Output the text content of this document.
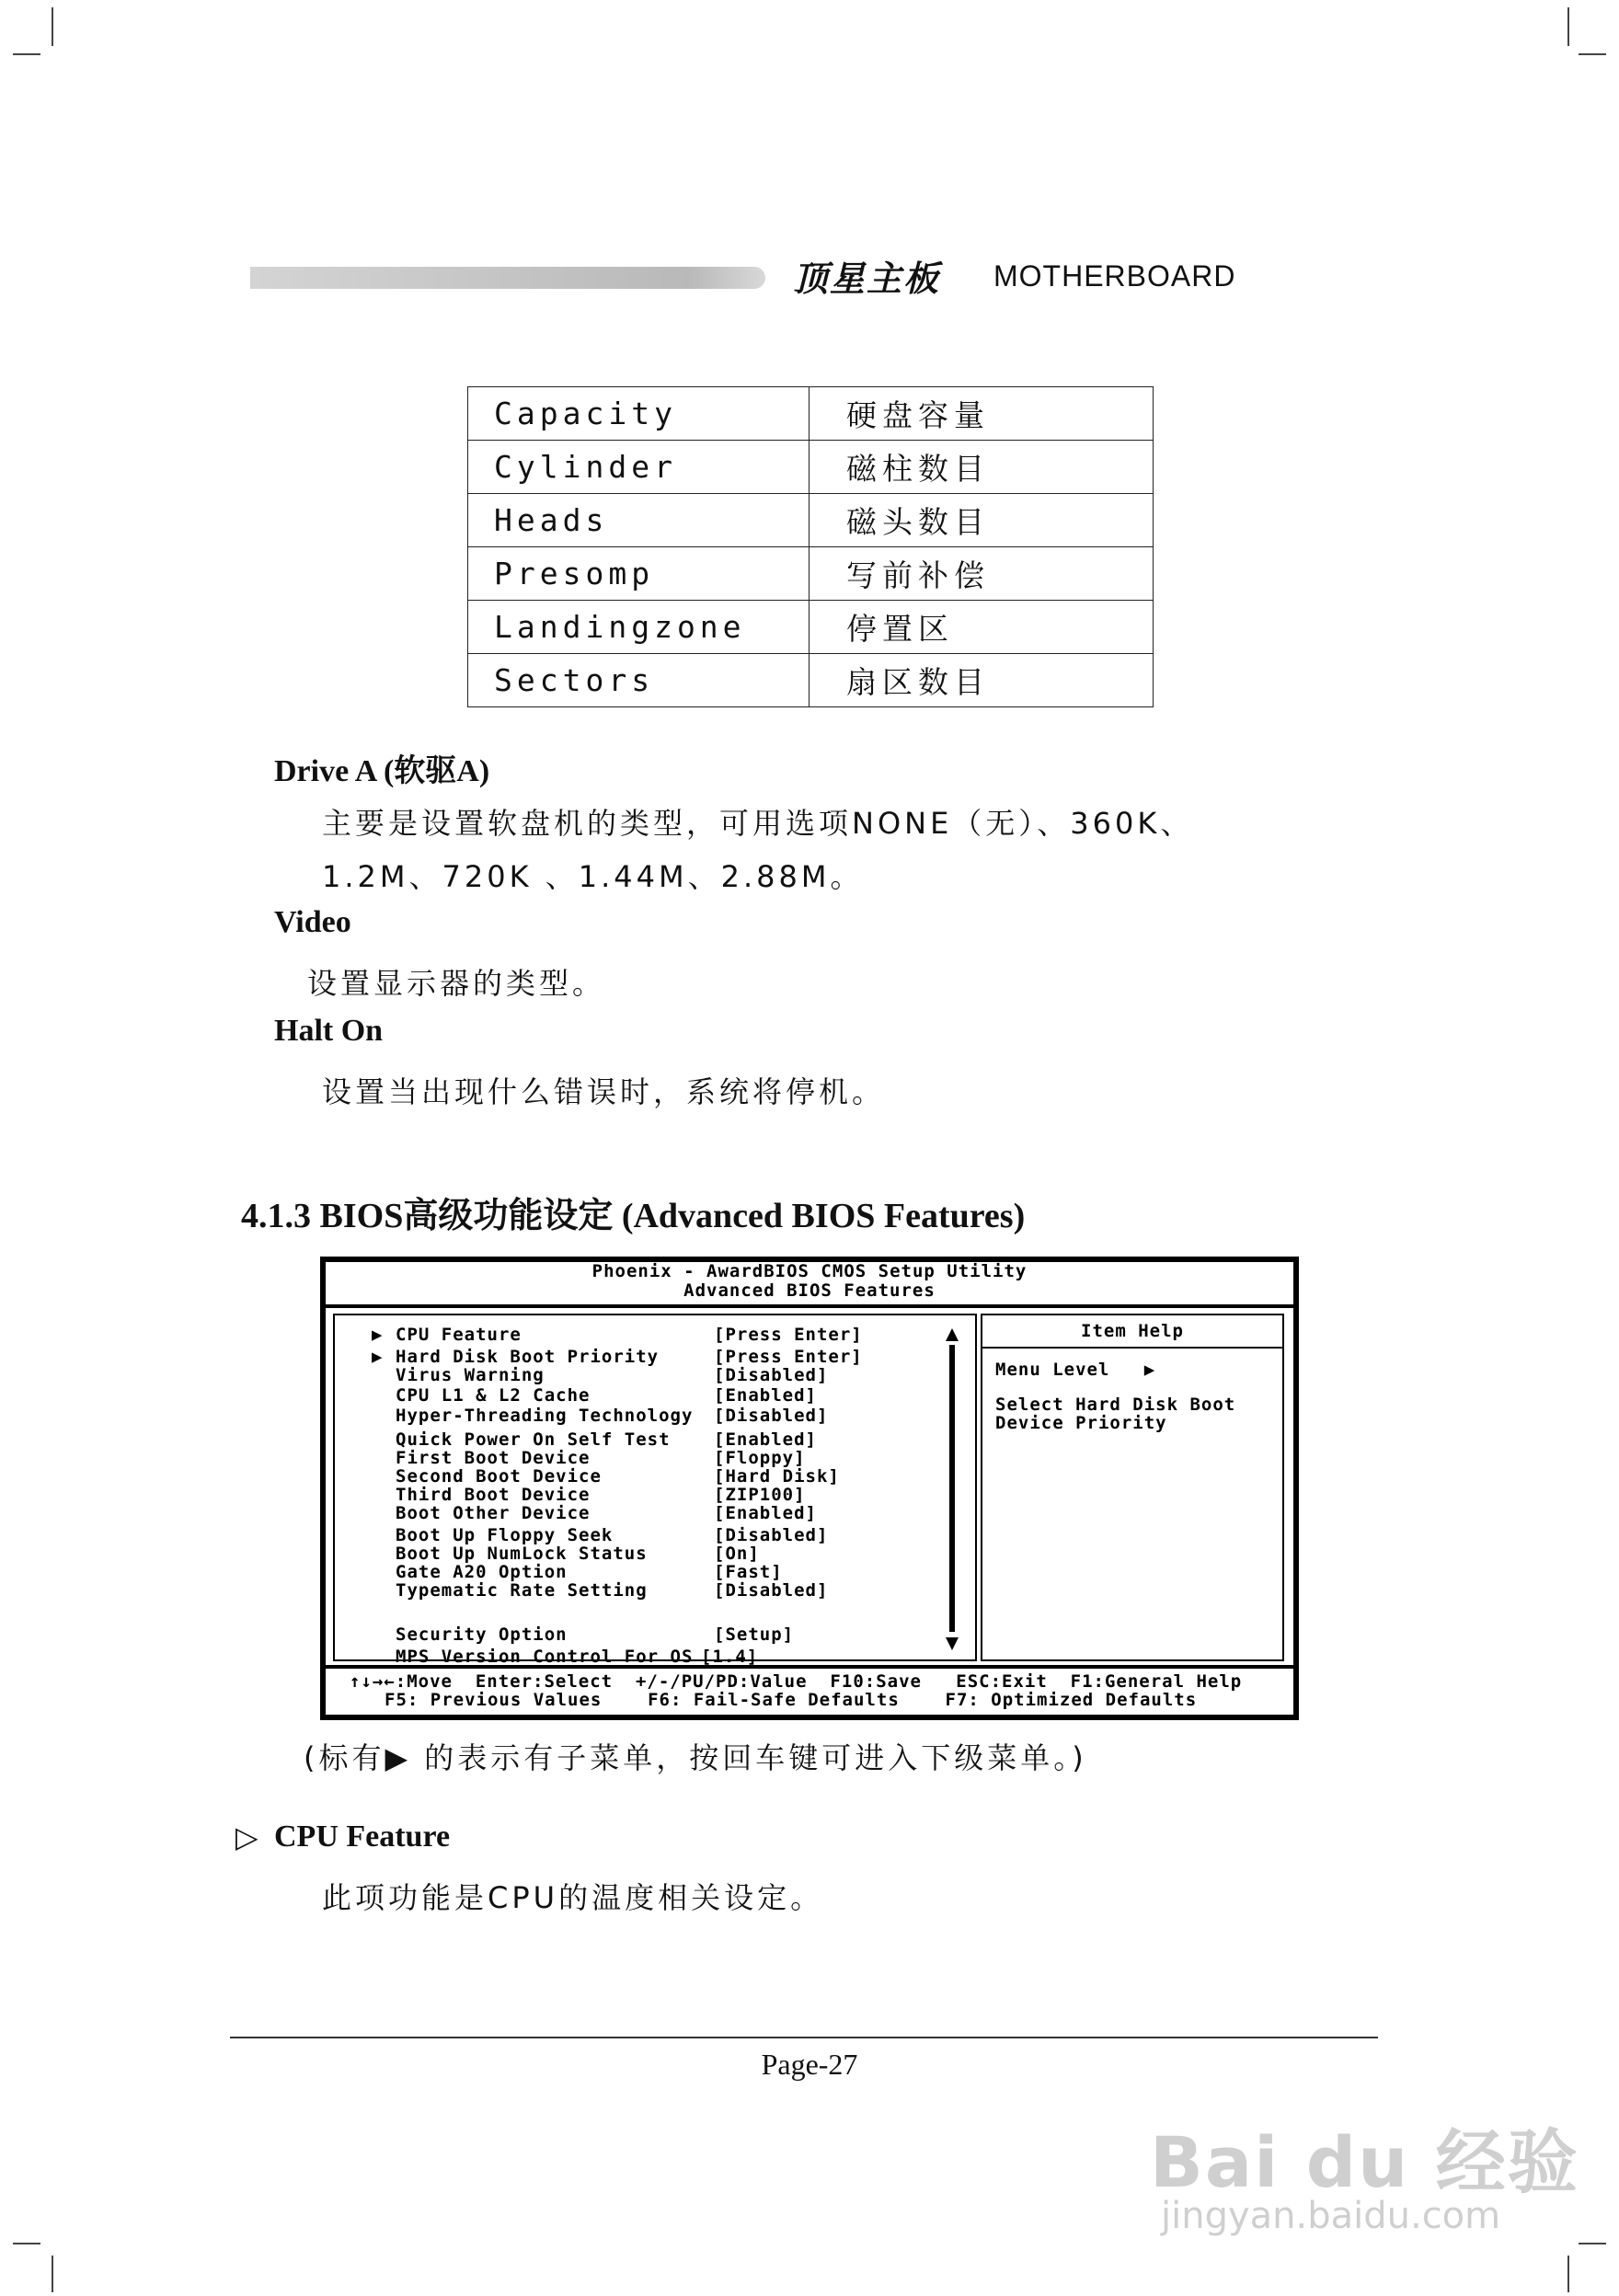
顶星主板 MOTHERBOARD
Capacity	硬盘容量
Cylinder	磁柱数目
Heads	磁头数目
Presomp	写前补偿
Landingzone	停置区
Sectors	扇区数目
Drive A (软驱A)
主要是设置软盘机的类型，可用选项NONE（无）、360K、
1.2M、720K 、1.44M、2.88M。
Video
设置显示器的类型。
Halt On
设置当出现什么错误时，系统将停机。
4.1.3 BIOS高级功能设定 (Advanced BIOS Features)
Phoenix - AwardBIOS CMOS Setup Utility
Advanced BIOS Features
▶ CPU Feature	[Press Enter]
▶ Hard Disk Boot Priority	[Press Enter]
Virus Warning	[Disabled]
CPU L1 & L2 Cache	[Enabled]
Hyper-Threading Technology [Disabled]
Quick Power On Self Test [Enabled]
First Boot Device	[Floppy]
Second Boot Device	[Hard Disk]
Third Boot Device	[ZIP100]
Boot Other Device	[Enabled]
Boot Up Floppy Seek	[Disabled]
Boot Up NumLock Status	[On]
Gate A20 Option	[Fast]
Typematic Rate Setting	[Disabled]
Security Option	[Setup]
MPS Version Control For OS [1.4]
Item Help
Menu Level   ▶
Select Hard Disk Boot
Device Priority
↑↓→←:Move  Enter:Select  +/-/PU/PD:Value  F10:Save   ESC:Exit  F1:General Help
F5: Previous Values    F6: Fail-Safe Defaults    F7: Optimized Defaults
(标有▶ 的表示有子菜单，按回车键可进入下级菜单。)
▷ CPU Feature
此项功能是CPU的温度相关设定。
Page-27
Bai du 经验
jingyan.baidu.com
